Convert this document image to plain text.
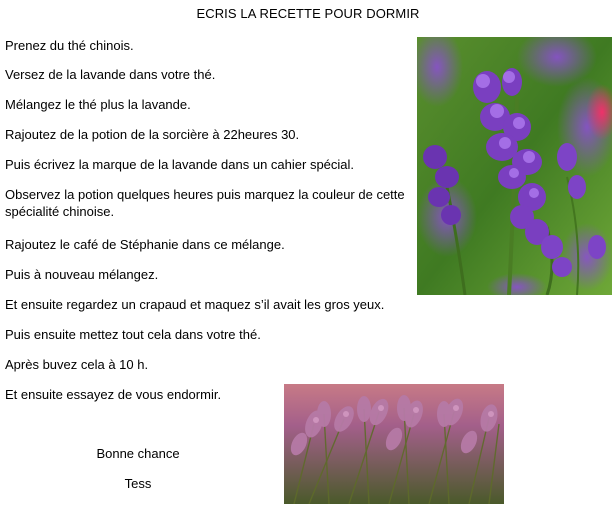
ECRIS LA RECETTE POUR DORMIR
Prenez du thé chinois.
Versez de la lavande dans votre thé.
Mélangez le thé plus la lavande.
Rajoutez de la potion de la sorcière à 22heures 30.
Puis écrivez la marque de la lavande dans un cahier spécial.
Observez la potion quelques heures puis marquez la couleur de cette spécialité chinoise.
Rajoutez le café de Stéphanie dans ce mélange.
Puis à nouveau mélangez.
Et ensuite regardez un crapaud et maquez s’il avait les gros yeux.
Puis ensuite mettez tout cela dans votre thé.
Après buvez cela à 10 h.
Et ensuite essayez de vous endormir.
Bonne chance
Tess
